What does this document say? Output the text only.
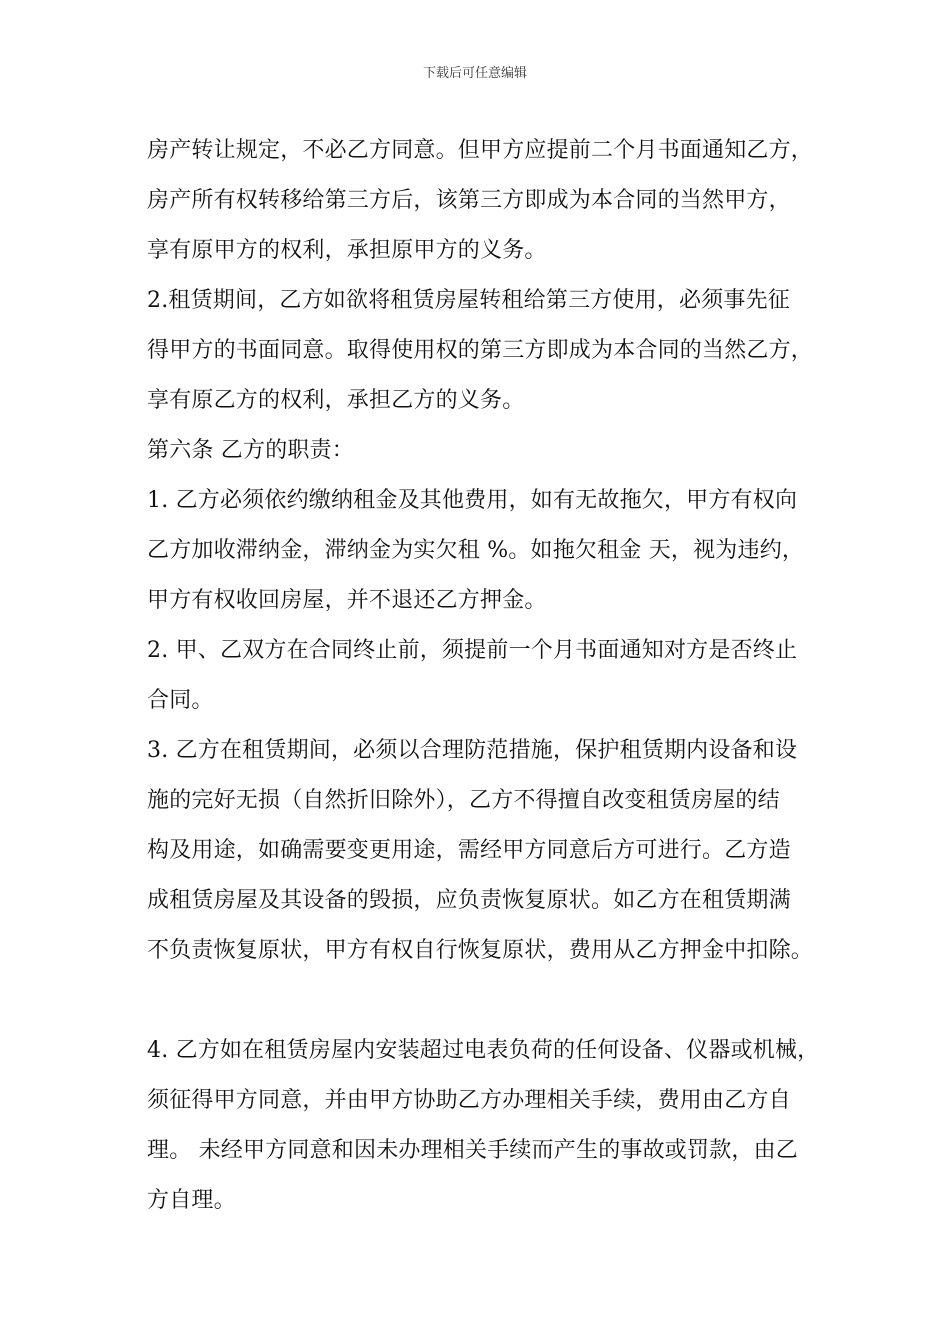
下载后可任意编辑
房产转让规定，不必乙方同意。但甲方应提前二个月书面通知乙方，
房产所有权转移给第三方后，该第三方即成为本合同的当然甲方，
享有原甲方的权利，承担原甲方的义务。
2.租赁期间，乙方如欲将租赁房屋转租给第三方使用，必须事先征
得甲方的书面同意。取得使用权的第三方即成为本合同的当然乙方，
享有原乙方的权利，承担乙方的义务。
第六条 乙方的职责：
1. 乙方必须依约缴纳租金及其他费用，如有无故拖欠，甲方有权向
乙方加收滞纳金，滞纳金为实欠租 %。如拖欠租金 天，视为违约，
甲方有权收回房屋，并不退还乙方押金。
2. 甲、乙双方在合同终止前，须提前一个月书面通知对方是否终止
合同。
3. 乙方在租赁期间，必须以合理防范措施，保护租赁期内设备和设
施的完好无损（自然折旧除外），乙方不得擅自改变租赁房屋的结
构及用途，如确需要变更用途，需经甲方同意后方可进行。乙方造
成租赁房屋及其设备的毁损，应负责恢复原状。如乙方在租赁期满
不负责恢复原状，甲方有权自行恢复原状，费用从乙方押金中扣除。
4. 乙方如在租赁房屋内安装超过电表负荷的任何设备、仪器或机械，
须征得甲方同意，并由甲方协助乙方办理相关手续，费用由乙方自
理。 未经甲方同意和因未办理相关手续而产生的事故或罚款，由乙
方自理。
